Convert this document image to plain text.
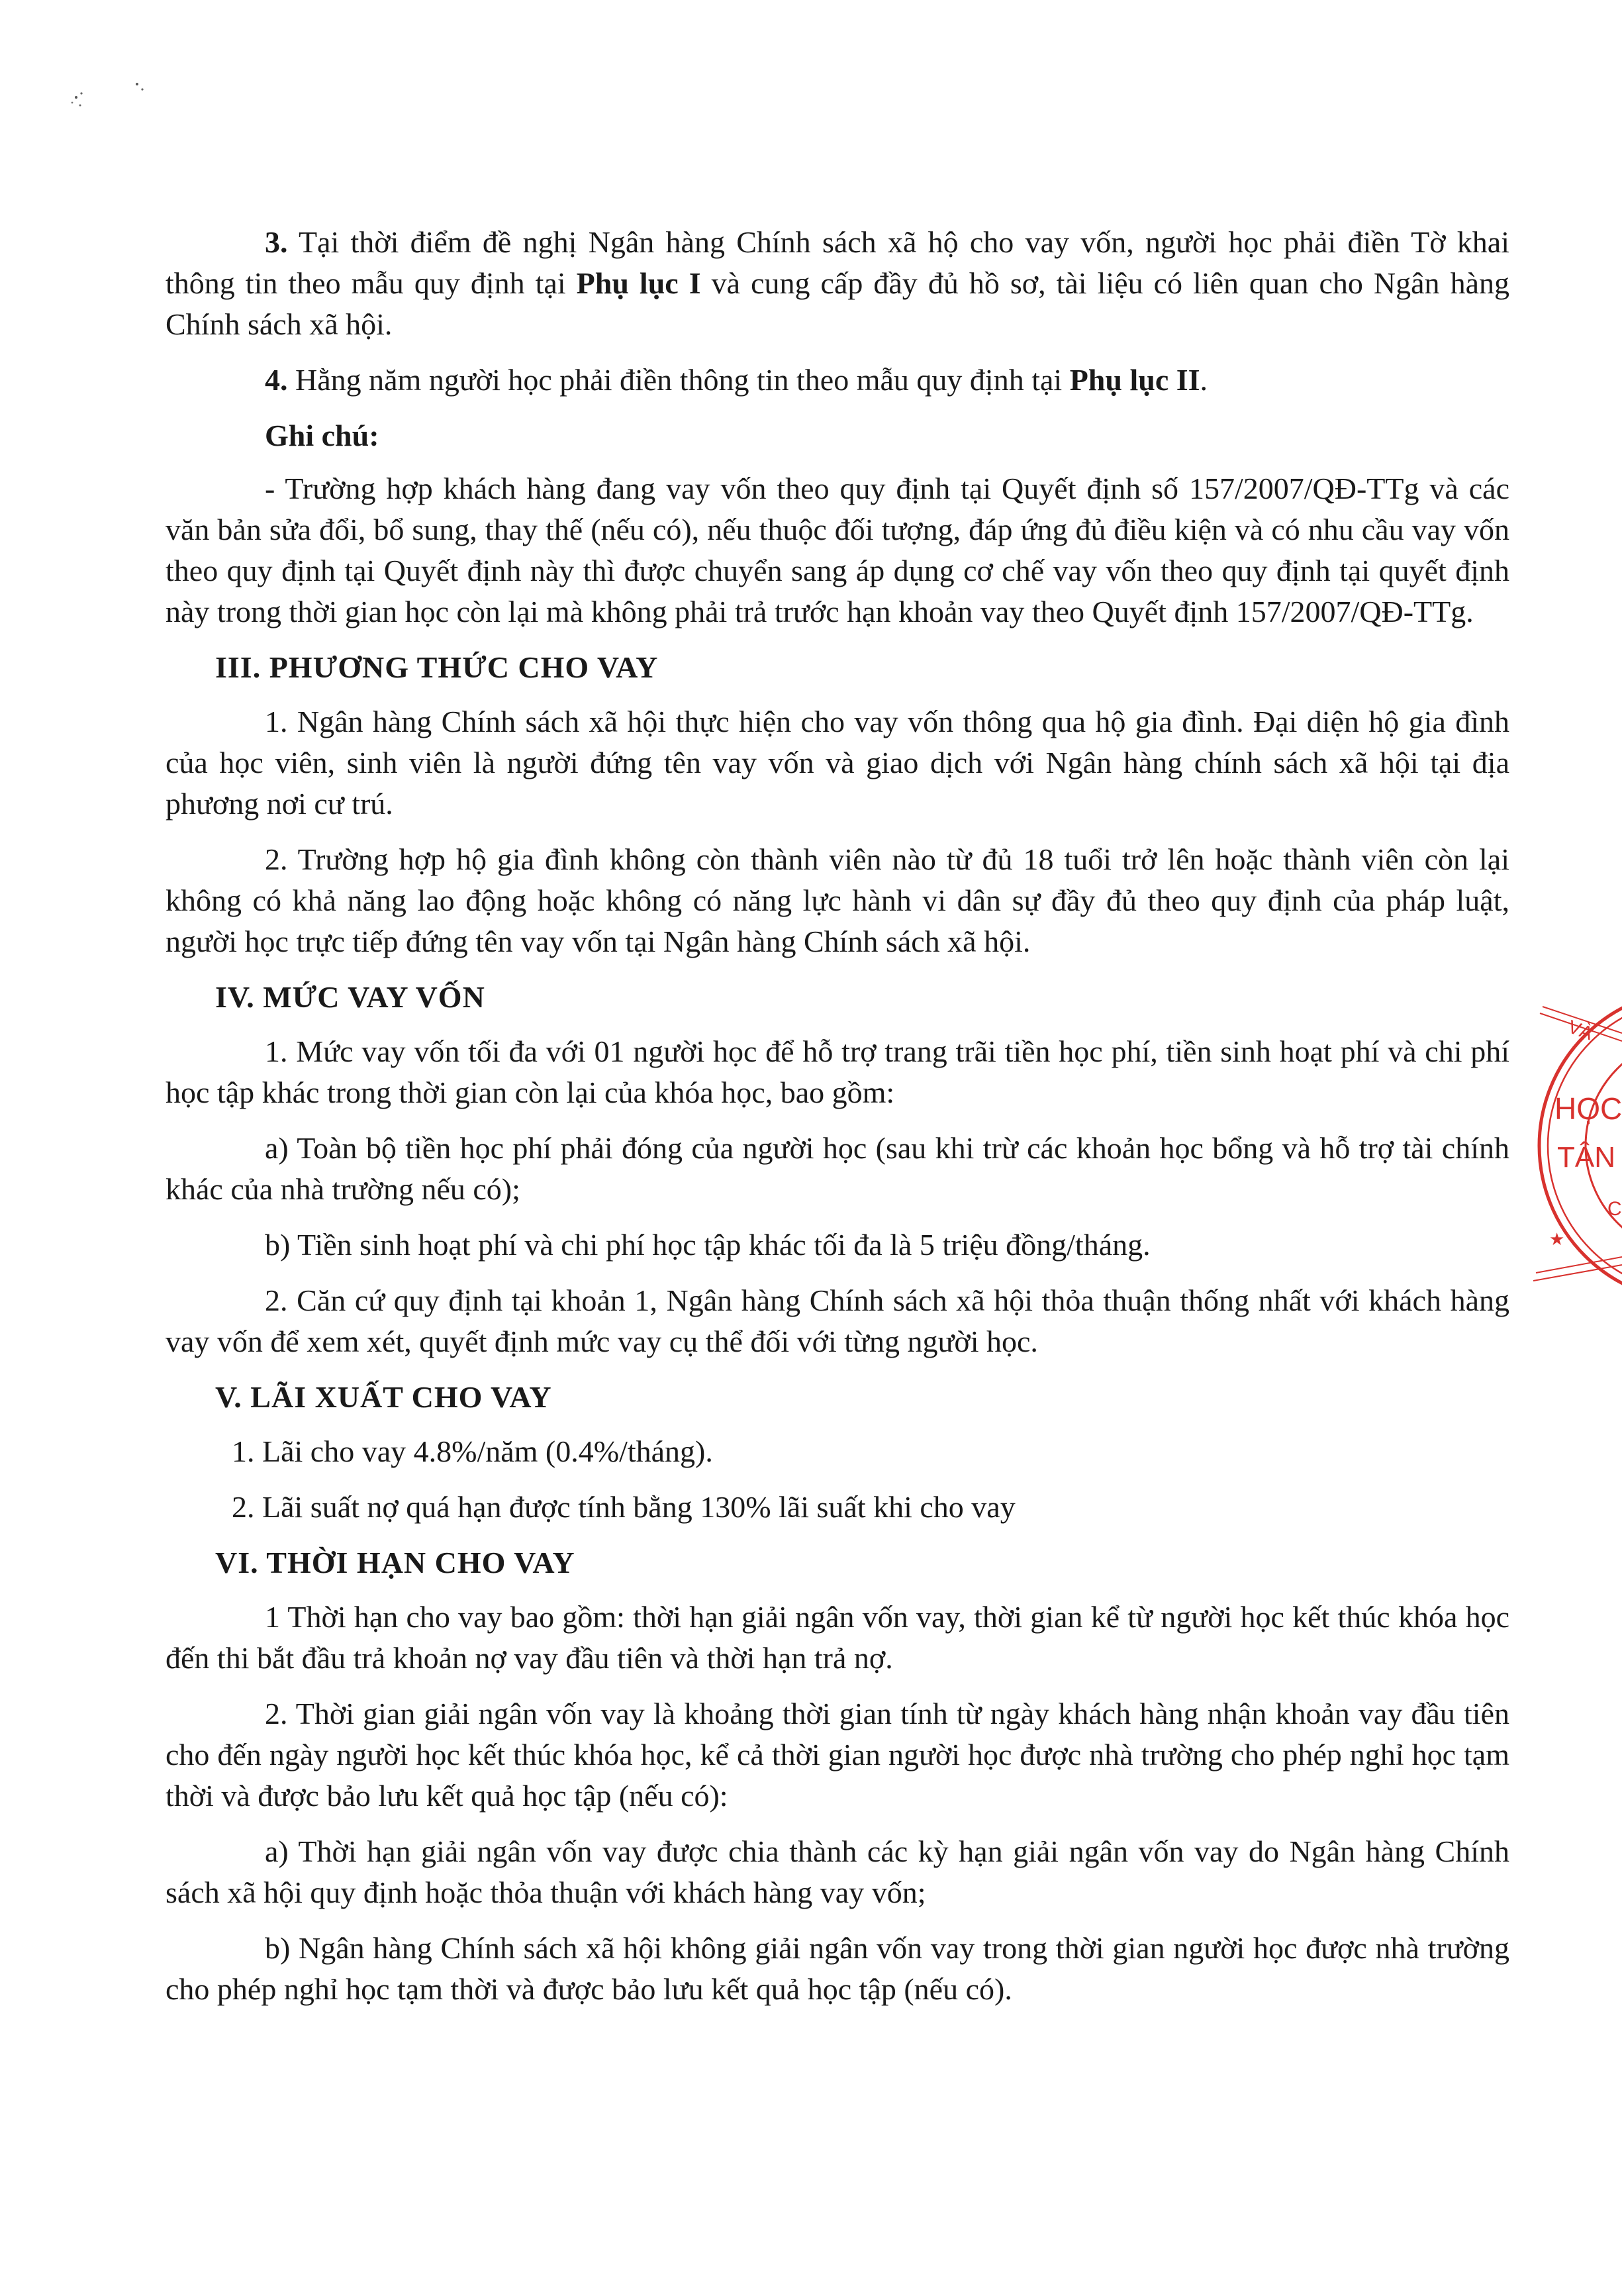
3. Tại thời điểm đề nghị Ngân hàng Chính sách xã hộ cho vay vốn, người học phải điền Tờ khai thông tin theo mẫu quy định tại Phụ lục I và cung cấp đầy đủ hồ sơ, tài liệu có liên quan cho Ngân hàng Chính sách xã hội.

4. Hằng năm người học phải điền thông tin theo mẫu quy định tại Phụ lục II.

Ghi chú:

- Trường hợp khách hàng đang vay vốn theo quy định tại Quyết định số 157/2007/QĐ-TTg và các văn bản sửa đổi, bổ sung, thay thế (nếu có), nếu thuộc đối tượng, đáp ứng đủ điều kiện và có nhu cầu vay vốn theo quy định tại Quyết định này thì được chuyển sang áp dụng cơ chế vay vốn theo quy định tại quyết định này trong thời gian học còn lại mà không phải trả trước hạn khoản vay theo Quyết định 157/2007/QĐ-TTg.

III. PHƯƠNG THỨC CHO VAY

1. Ngân hàng Chính sách xã hội thực hiện cho vay vốn thông qua hộ gia đình. Đại diện hộ gia đình của học viên, sinh viên là người đứng tên vay vốn và giao dịch với Ngân hàng chính sách xã hội tại địa phương nơi cư trú.

2. Trường hợp hộ gia đình không còn thành viên nào từ đủ 18 tuổi trở lên hoặc thành viên còn lại không có khả năng lao động hoặc không có năng lực hành vi dân sự đầy đủ theo quy định của pháp luật, người học trực tiếp đứng tên vay vốn tại Ngân hàng Chính sách xã hội.

IV. MỨC VAY VỐN

1. Mức vay vốn tối đa với 01 người học để hỗ trợ trang trãi tiền học phí, tiền sinh hoạt phí và chi phí học tập khác trong thời gian còn lại của khóa học, bao gồm:

a) Toàn bộ tiền học phí phải đóng của người học (sau khi trừ các khoản học bổng và hỗ trợ tài chính khác của nhà trường nếu có);

b) Tiền sinh hoạt phí và chi phí học tập khác tối đa là 5 triệu đồng/tháng.

2. Căn cứ quy định tại khoản 1, Ngân hàng Chính sách xã hội thỏa thuận thống nhất với khách hàng vay vốn để xem xét, quyết định mức vay cụ thể đối với từng người học.

V. LÃI XUẤT CHO VAY

1. Lãi cho vay 4.8%/năm (0.4%/tháng).

2. Lãi suất nợ quá hạn được tính bằng 130% lãi suất khi cho vay

VI. THỜI HẠN CHO VAY

1 Thời hạn cho vay bao gồm: thời hạn giải ngân vốn vay, thời gian kể từ người học kết thúc khóa học đến thi bắt đầu trả khoản nợ vay đầu tiên và thời hạn trả nợ.

2. Thời gian giải ngân vốn vay là khoảng thời gian tính từ ngày khách hàng nhận khoản vay đầu tiên cho đến ngày người học kết thúc khóa học, kể cả thời gian người học được nhà trường cho phép nghỉ học tạm thời và được bảo lưu kết quả học tập (nếu có):

a) Thời hạn giải ngân vốn vay được chia thành các kỳ hạn giải ngân vốn vay do Ngân hàng Chính sách xã hội quy định hoặc thỏa thuận với khách hàng vay vốn;

b) Ngân hàng Chính sách xã hội không giải ngân vốn vay trong thời gian người học được nhà trường cho phép nghỉ học tạm thời và được bảo lưu kết quả học tập (nếu có).

VÀ
HỌC
TÂN
C
★
